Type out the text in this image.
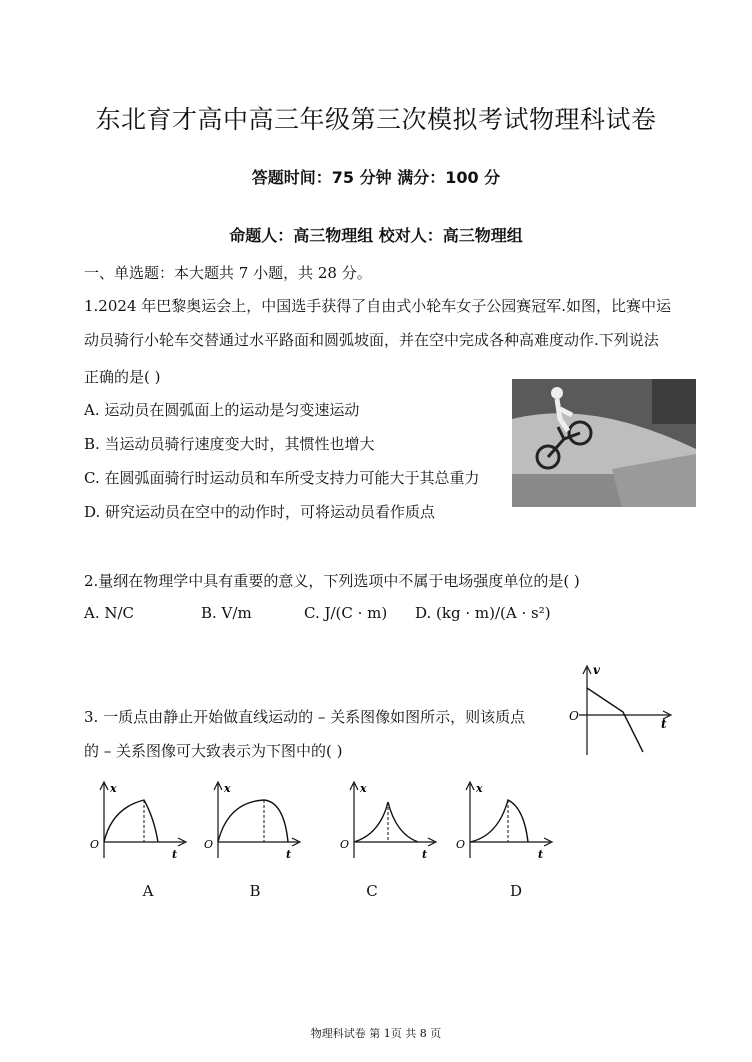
东北育才高中高三年级第三次模拟考试物理科试卷
答题时间：75 分钟 满分：100 分
命题人：高三物理组 校对人：高三物理组
一、单选题：本大题共 7 小题，共 28 分。
1.2024 年巴黎奥运会上，中国选手获得了自由式小轮车女子公园赛冠军.如图，比赛中运
动员骑行小轮车交替通过水平路面和圆弧坡面，并在空中完成各种高难度动作.下列说法
正确的是( )
A. 运动员在圆弧面上的运动是匀变速运动
B. 当运动员骑行速度变大时，其惯性也增大
C. 在圆弧面骑行时运动员和车所受支持力可能大于其总重力
D. 研究运动员在空中的动作时，可将运动员看作质点
2.量纲在物理学中具有重要的意义，下列选项中不属于电场强度单位的是( )
A. N/C	B. V/m	C. J/(C · m) D. (kg · m)/(A · s²)
3. 一质点由静止开始做直线运动的 – 关系图像如图所示，则该质点
的 – 关系图像可大致表示为下图中的( )
v
t
O
x
t
O
x
t
O
x
t
O
x
t
O
A	B	C	D
物理科试卷 第 1页 共 8 页
